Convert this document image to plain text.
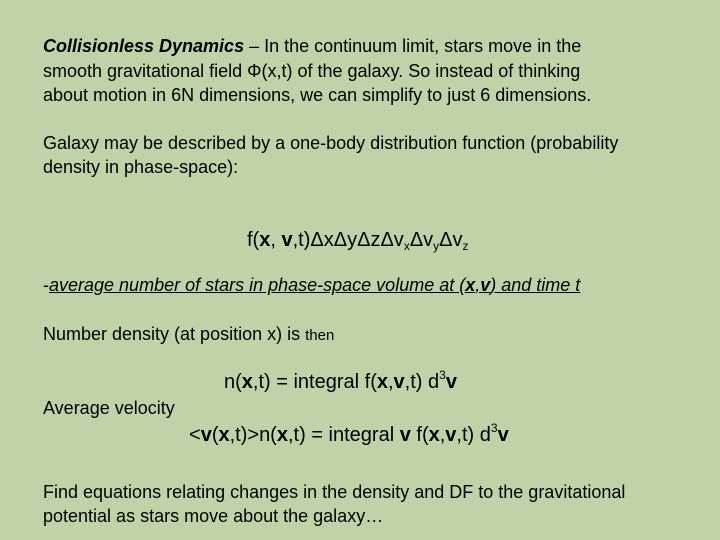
Collisionless Dynamics – In the continuum limit, stars move in the
smooth gravitational field Φ(x,t) of the galaxy. So instead of thinking
about motion in 6N dimensions, we can simplify to just 6 dimensions.
Galaxy may be described by a one-body distribution function (probability
density in phase-space):
f(x, $v,t)\Delta x\Delta y\Delta z\Delta v_x\Delta v_y\Delta v_z$
-average number of stars in phase-space volume at (x,v) and time t
Number density (at position x) is then
n(x,t) = integral f(x,v,t) $d^3v$
Average velocity
<v(x,t)>n(x,t) = integral v f(x,v,t) $d^3v$
Find equations relating changes in the density and DF to the gravitational
potential as stars move about the galaxy…
